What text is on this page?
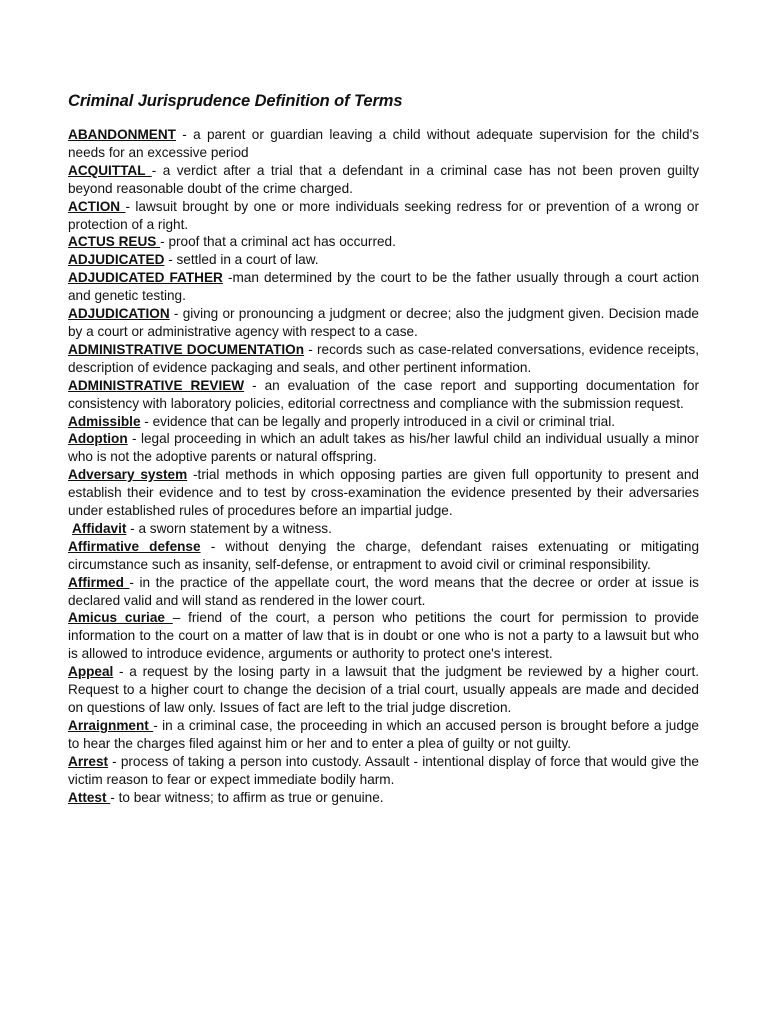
Criminal Jurisprudence Definition of Terms

ABANDONMENT - a parent or guardian leaving a child without adequate supervision for the child's needs for an excessive period

ACQUITTAL - a verdict after a trial that a defendant in a criminal case has not been proven guilty beyond reasonable doubt of the crime charged.

ACTION - lawsuit brought by one or more individuals seeking redress for or prevention of a wrong or protection of a right.

ACTUS REUS - proof that a criminal act has occurred.

ADJUDICATED - settled in a court of law.

ADJUDICATED FATHER -man determined by the court to be the father usually through a court action and genetic testing.

ADJUDICATION - giving or pronouncing a judgment or decree; also the judgment given. Decision made by a court or administrative agency with respect to a case.

ADMINISTRATIVE DOCUMENTATIOn - records such as case-related conversations, evidence receipts, description of evidence packaging and seals, and other pertinent information.

ADMINISTRATIVE REVIEW - an evaluation of the case report and supporting documentation for consistency with laboratory policies, editorial correctness and compliance with the submission request.

Admissible - evidence that can be legally and properly introduced in a civil or criminal trial.

Adoption - legal proceeding in which an adult takes as his/her lawful child an individual usually a minor who is not the adoptive parents or natural offspring.

Adversary system -trial methods in which opposing parties are given full opportunity to present and establish their evidence and to test by cross-examination the evidence presented by their adversaries under established rules of procedures before an impartial judge.

Affidavit - a sworn statement by a witness.

Affirmative defense - without denying the charge, defendant raises extenuating or mitigating circumstance such as insanity, self-defense, or entrapment to avoid civil or criminal responsibility.

Affirmed - in the practice of the appellate court, the word means that the decree or order at issue is declared valid and will stand as rendered in the lower court.

Amicus curiae – friend of the court, a person who petitions the court for permission to provide information to the court on a matter of law that is in doubt or one who is not a party to a lawsuit but who is allowed to introduce evidence, arguments or authority to protect one's interest.

Appeal - a request by the losing party in a lawsuit that the judgment be reviewed by a higher court. Request to a higher court to change the decision of a trial court, usually appeals are made and decided on questions of law only. Issues of fact are left to the trial judge discretion.

Arraignment - in a criminal case, the proceeding in which an accused person is brought before a judge to hear the charges filed against him or her and to enter a plea of guilty or not guilty.

Arrest - process of taking a person into custody. Assault - intentional display of force that would give the victim reason to fear or expect immediate bodily harm.

Attest - to bear witness; to affirm as true or genuine.
